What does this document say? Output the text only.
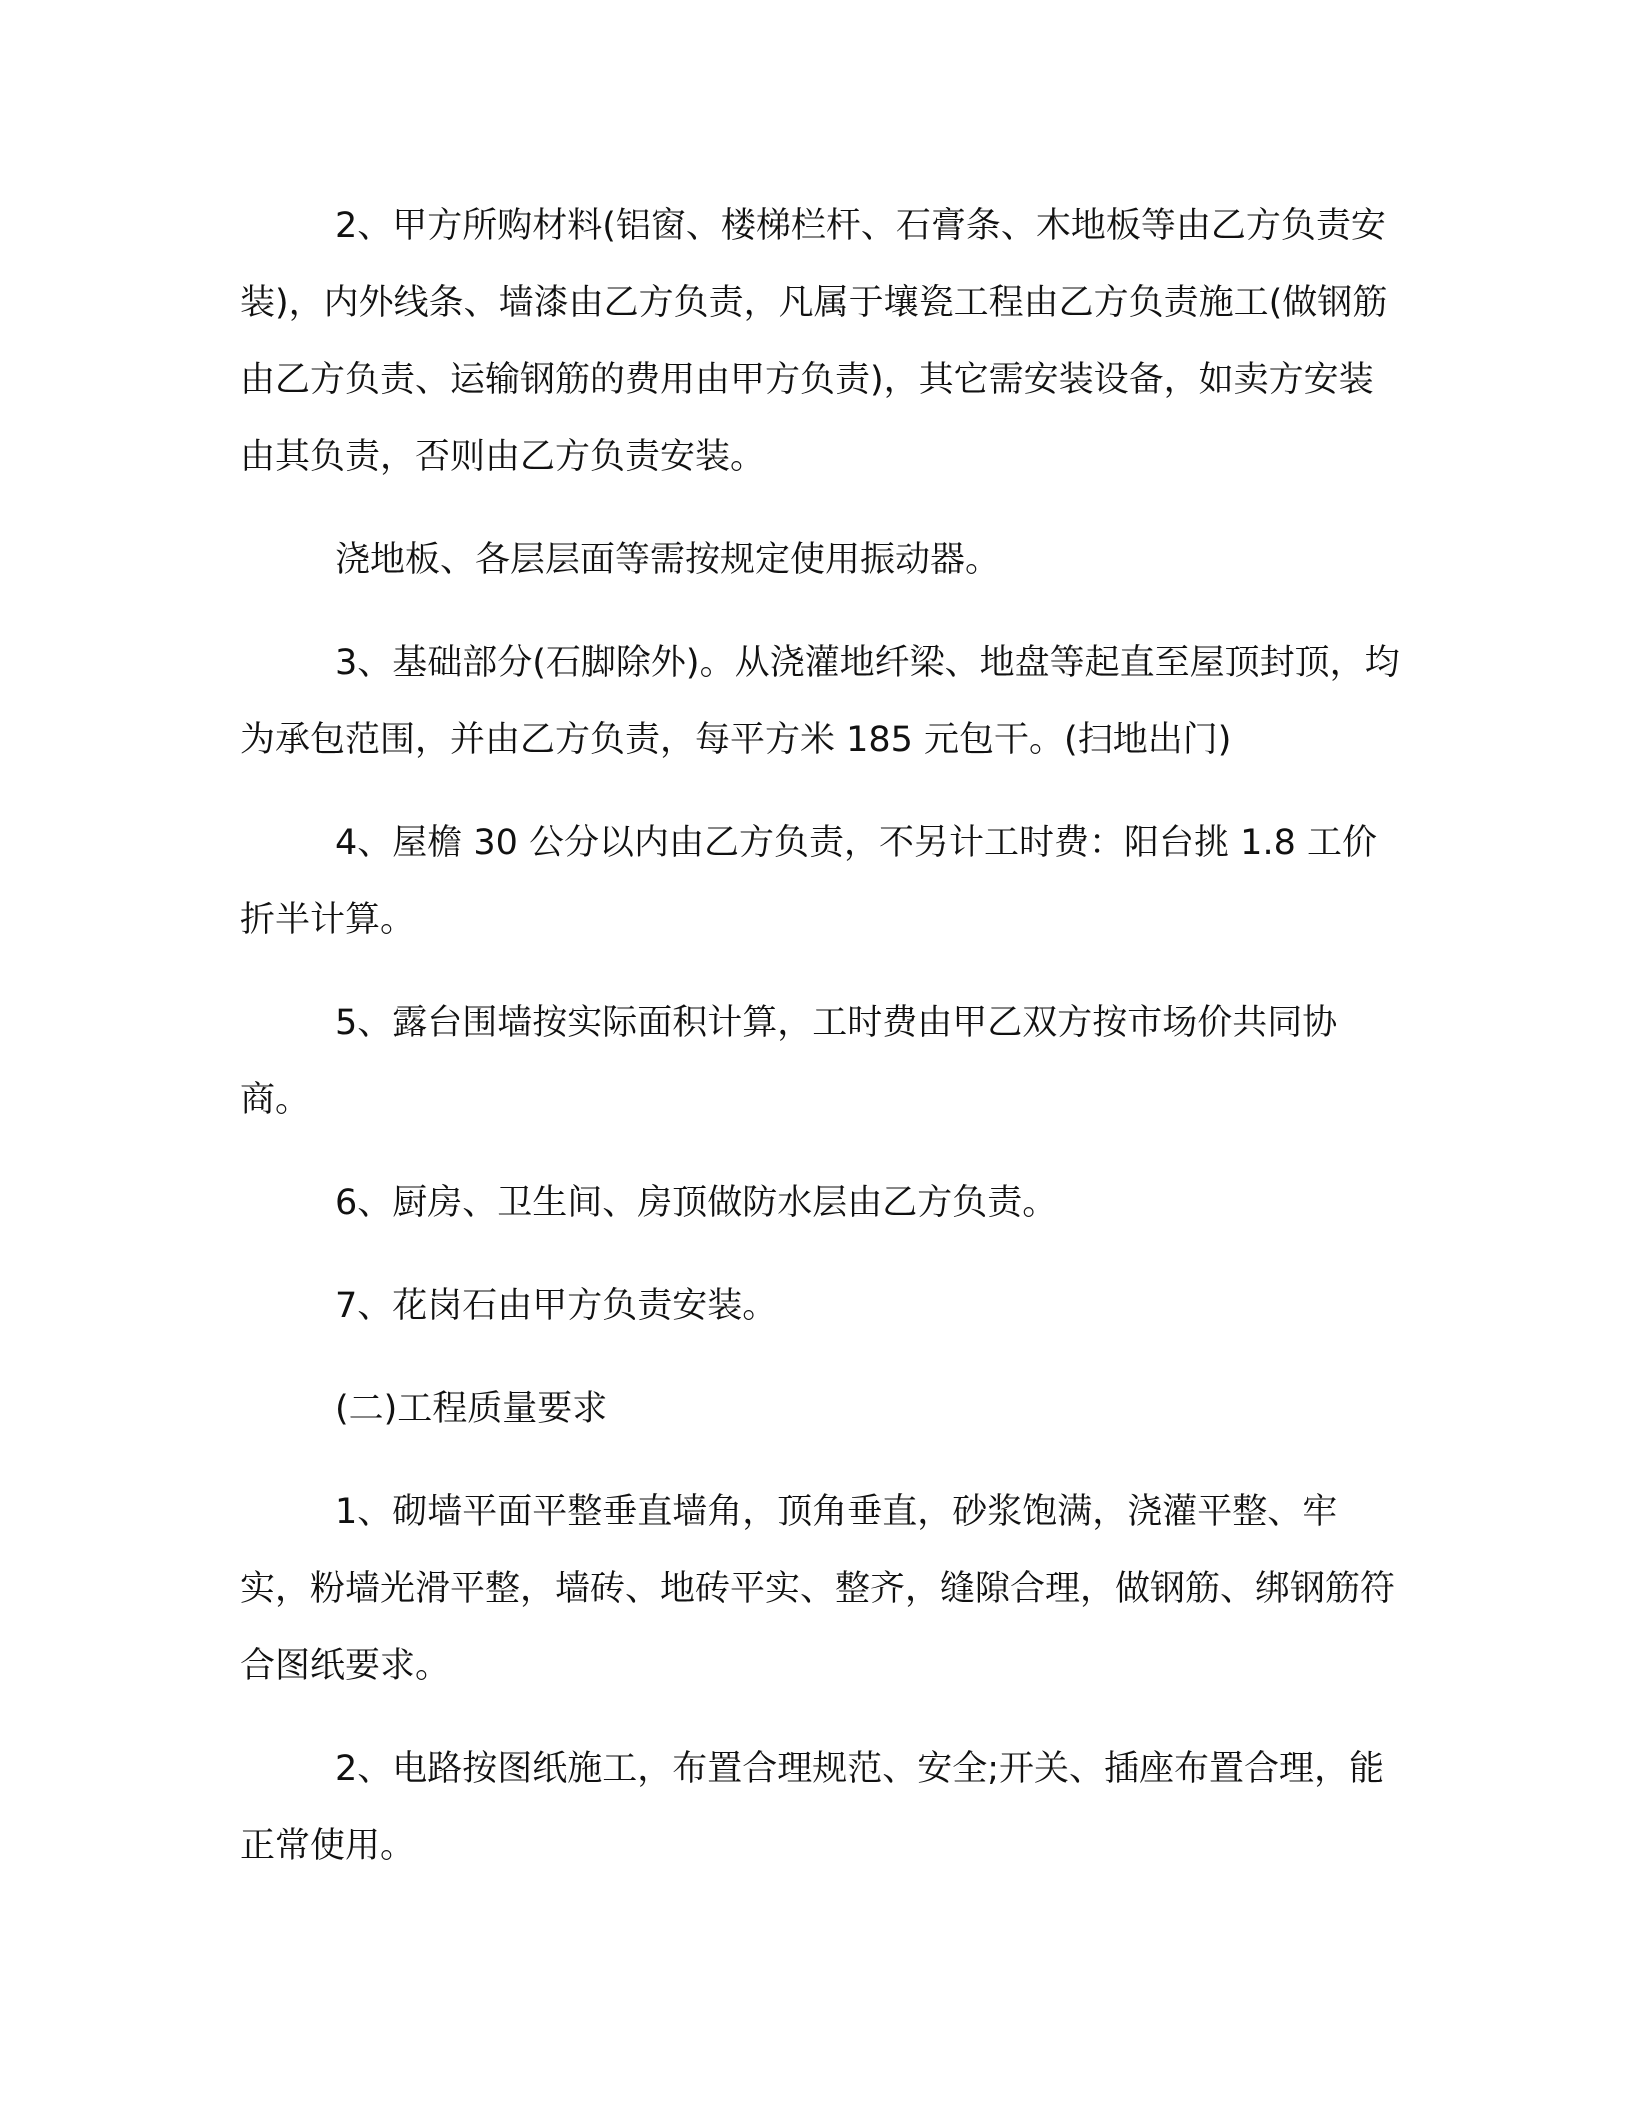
2、甲方所购材料(铝窗、楼梯栏杆、石膏条、木地板等由乙方负责安装)，内外线条、墙漆由乙方负责，凡属于壤瓷工程由乙方负责施工(做钢筋由乙方负责、运输钢筋的费用由甲方负责)，其它需安装设备，如卖方安装由其负责，否则由乙方负责安装。

浇地板、各层层面等需按规定使用振动器。

3、基础部分(石脚除外)。从浇灌地纤梁、地盘等起直至屋顶封顶，均为承包范围，并由乙方负责，每平方米 185 元包干。(扫地出门)

4、屋檐 30 公分以内由乙方负责，不另计工时费：阳台挑 1.8 工价折半计算。

5、露台围墙按实际面积计算，工时费由甲乙双方按市场价共同协商。

6、厨房、卫生间、房顶做防水层由乙方负责。

7、花岗石由甲方负责安装。

(二)工程质量要求

1、砌墙平面平整垂直墙角，顶角垂直，砂浆饱满，浇灌平整、牢实，粉墙光滑平整，墙砖、地砖平实、整齐，缝隙合理，做钢筋、绑钢筋符合图纸要求。

2、电路按图纸施工，布置合理规范、安全;开关、插座布置合理，能正常使用。
